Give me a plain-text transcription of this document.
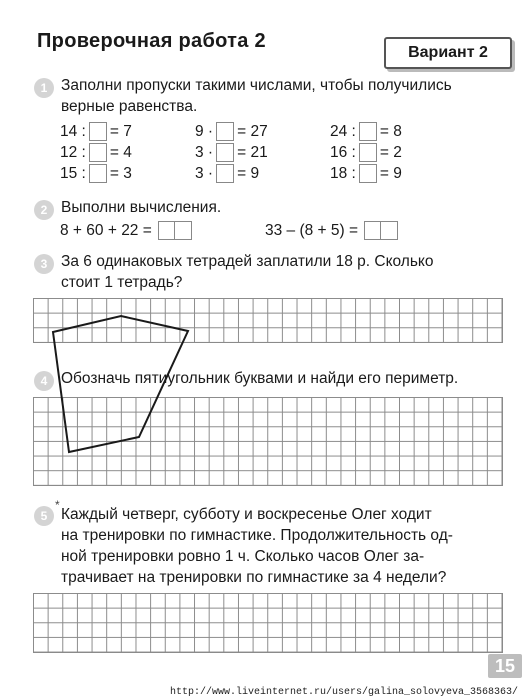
Проверочная работа 2
Вариант 2
1 Заполни пропуски такими числами, чтобы получились
верные равенства.
14 : = 7	9 · = 27	24 : = 8
12 : = 4	3 · = 21	16 : = 2
15 : = 3	3 · = 9	18 : = 9
2 Выполни вычисления.
8 + 60 + 22 =	33 – (8 + 5) =
3 За 6 одинаковых тетрадей заплатили 18 р. Сколько
стоит 1 тетрадь?
4 Обозначь пятиугольник буквами и найди его периметр.
5
*
Каждый четверг, субботу и воскресенье Олег ходит
на тренировки по гимнастике. Продолжительность од-
ной тренировки ровно 1 ч. Сколько часов Олег за-
трачивает на тренировки по гимнастике за 4 недели?
15
http://www.liveinternet.ru/users/galina_solovyeva_3568363/
